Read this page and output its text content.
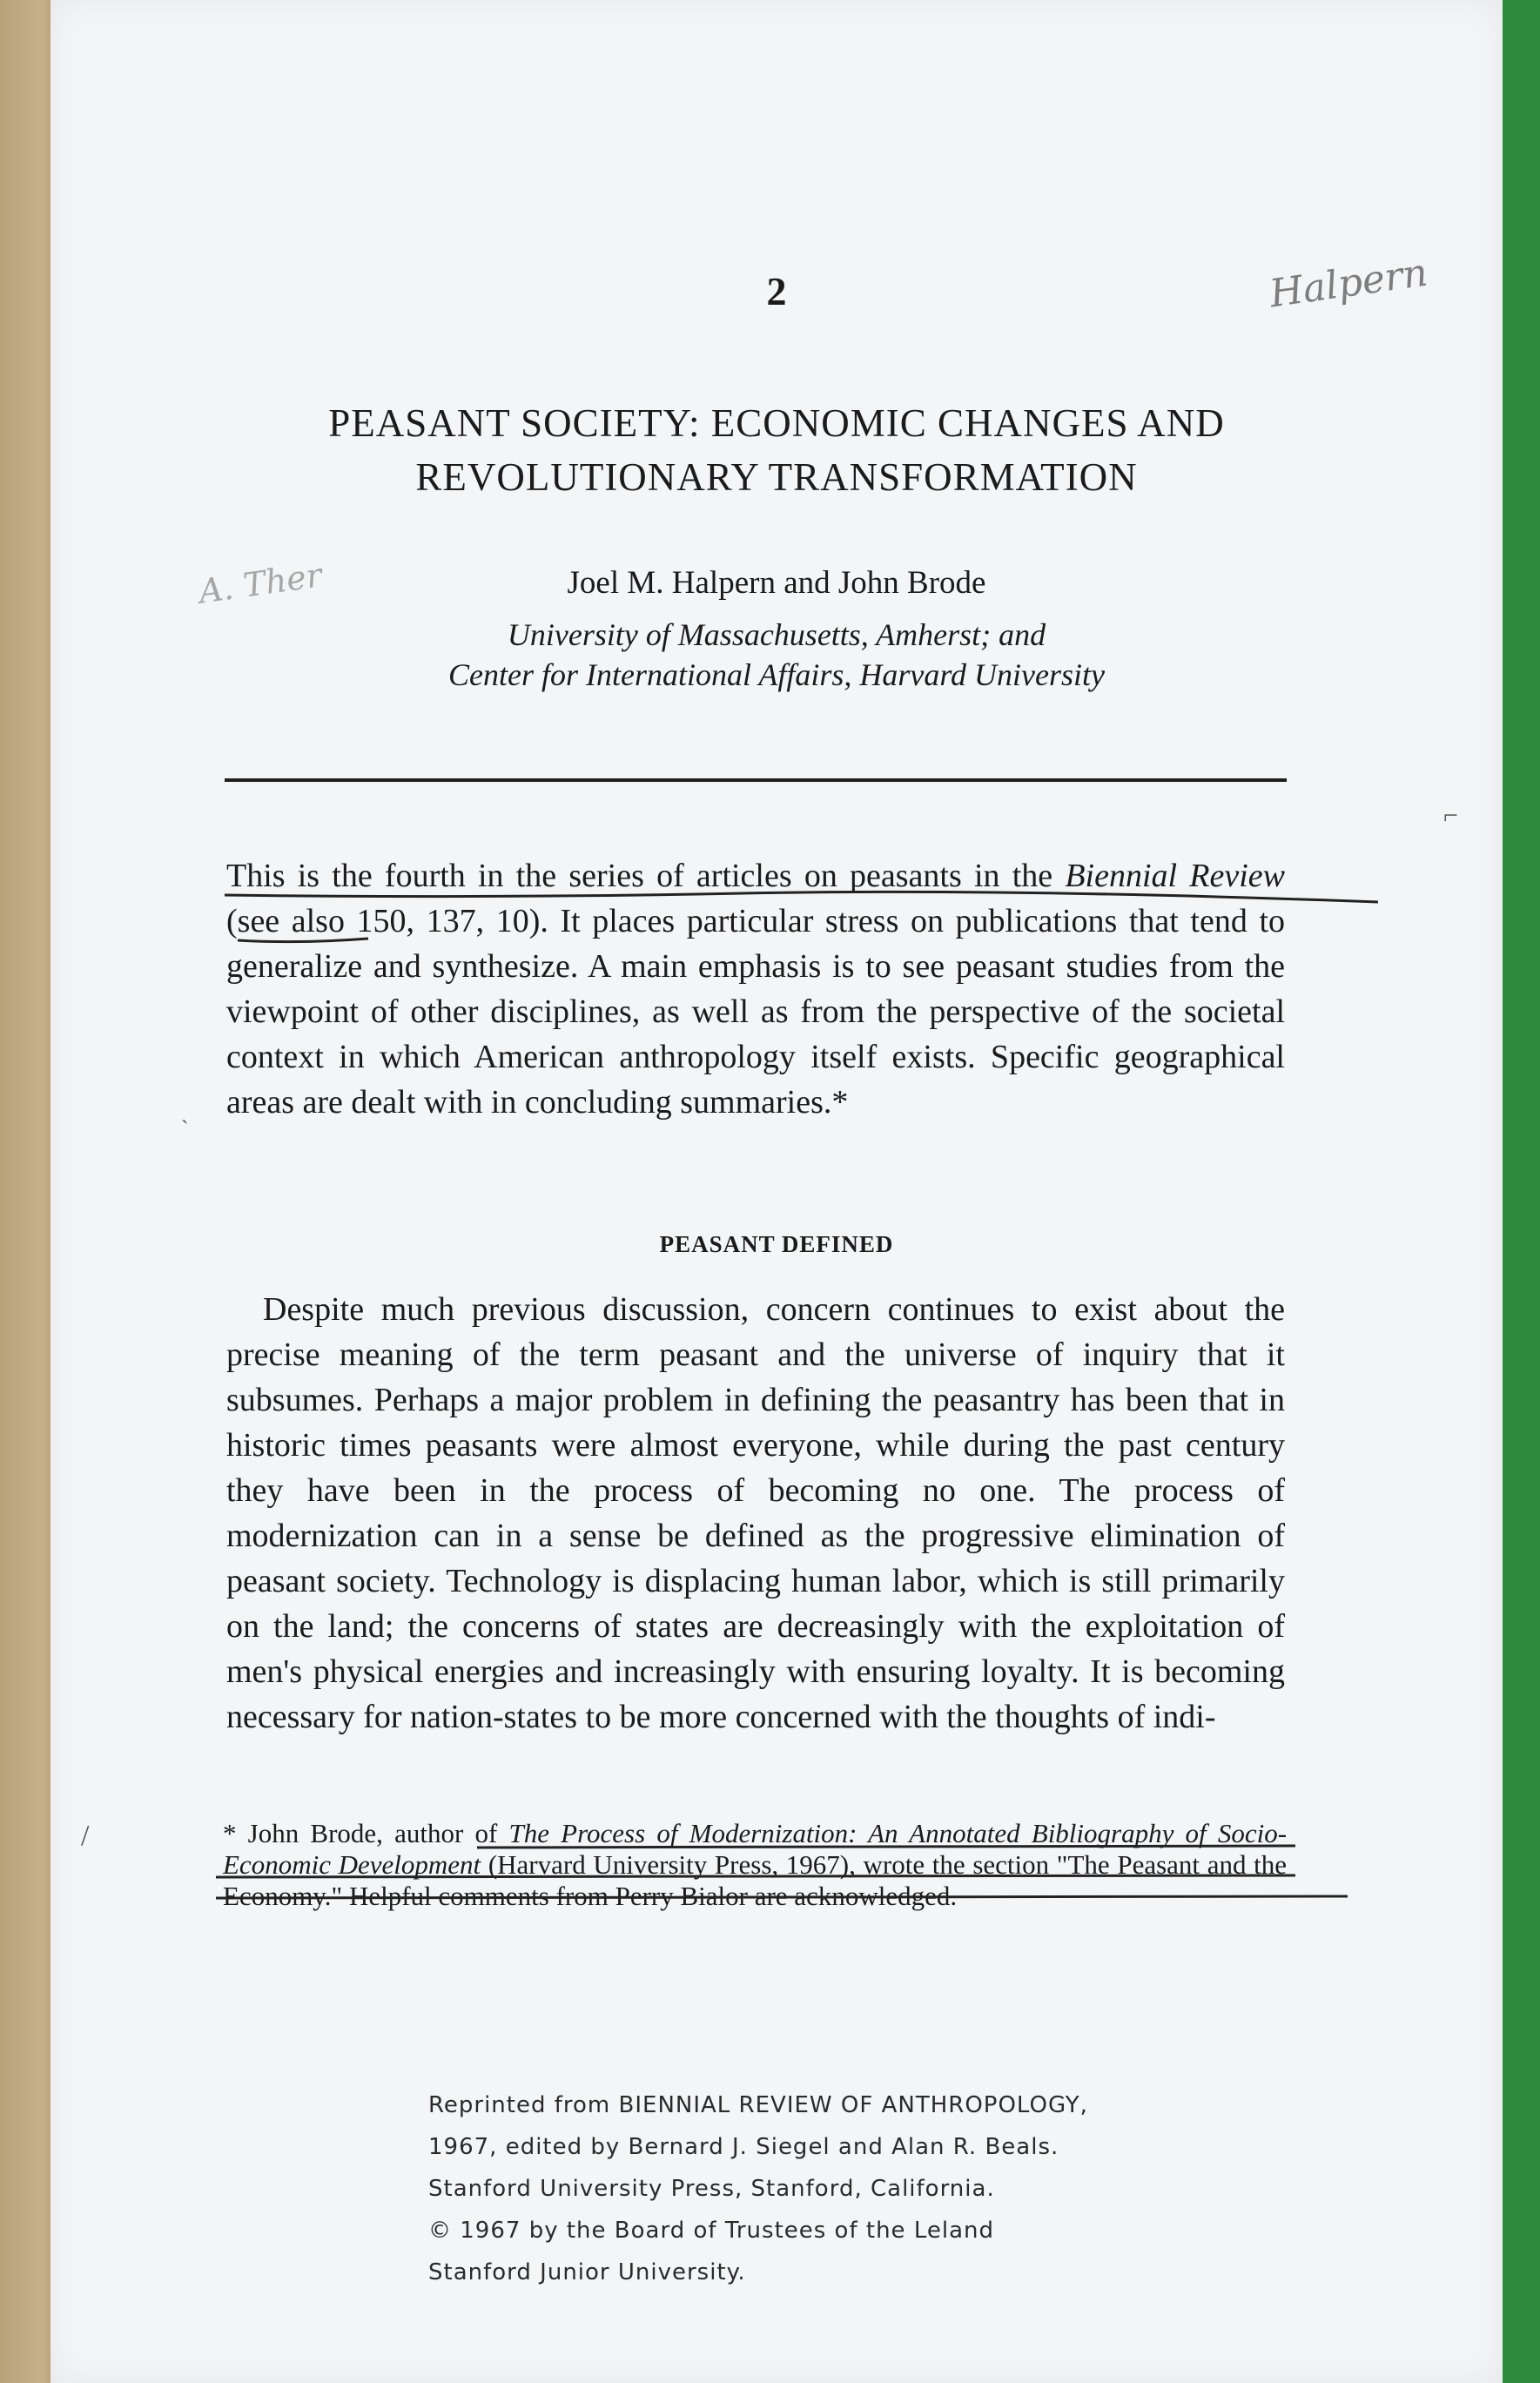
2	Halpern
A. Ther
PEASANT SOCIETY: ECONOMIC CHANGES AND
REVOLUTIONARY TRANSFORMATION
Joel M. Halpern and John Brode
University of Massachusetts, Amherst; and
Center for International Affairs, Harvard University
This is the fourth in the series of articles on peasants in the Biennial Review (see also 150, 137, 10). It places particular stress on publications that tend to generalize and synthesize. A main emphasis is to see peasant studies from the viewpoint of other disciplines, as well as from the perspective of the societal context in which American anthropology itself exists. Specific geographical areas are dealt with in concluding summaries.*
PEASANT DEFINED
Despite much previous discussion, concern continues to exist about the precise meaning of the term peasant and the universe of inquiry that it subsumes. Perhaps a major problem in defining the peasantry has been that in historic times peasants were almost everyone, while during the past century they have been in the process of becoming no one. The process of modernization can in a sense be defined as the progressive elimination of peasant society. Technology is displacing human labor, which is still primarily on the land; the concerns of states are decreasingly with the exploitation of men's physical energies and increasingly with ensuring loyalty. It is becoming necessary for nation-states to be more concerned with the thoughts of indi-
* John Brode, author of The Process of Modernization: An Annotated Bibliography of Socio-Economic Development (Harvard University Press, 1967), wrote the section "The Peasant and the Economy." Helpful comments from Perry Bialor are acknowledged.
Reprinted from BIENNIAL REVIEW OF ANTHROPOLOGY,
1967, edited by Bernard J. Siegel and Alan R. Beals.
Stanford University Press, Stanford, California.
© 1967 by the Board of Trustees of the Leland
Stanford Junior University.
/
⌐
ˋ
